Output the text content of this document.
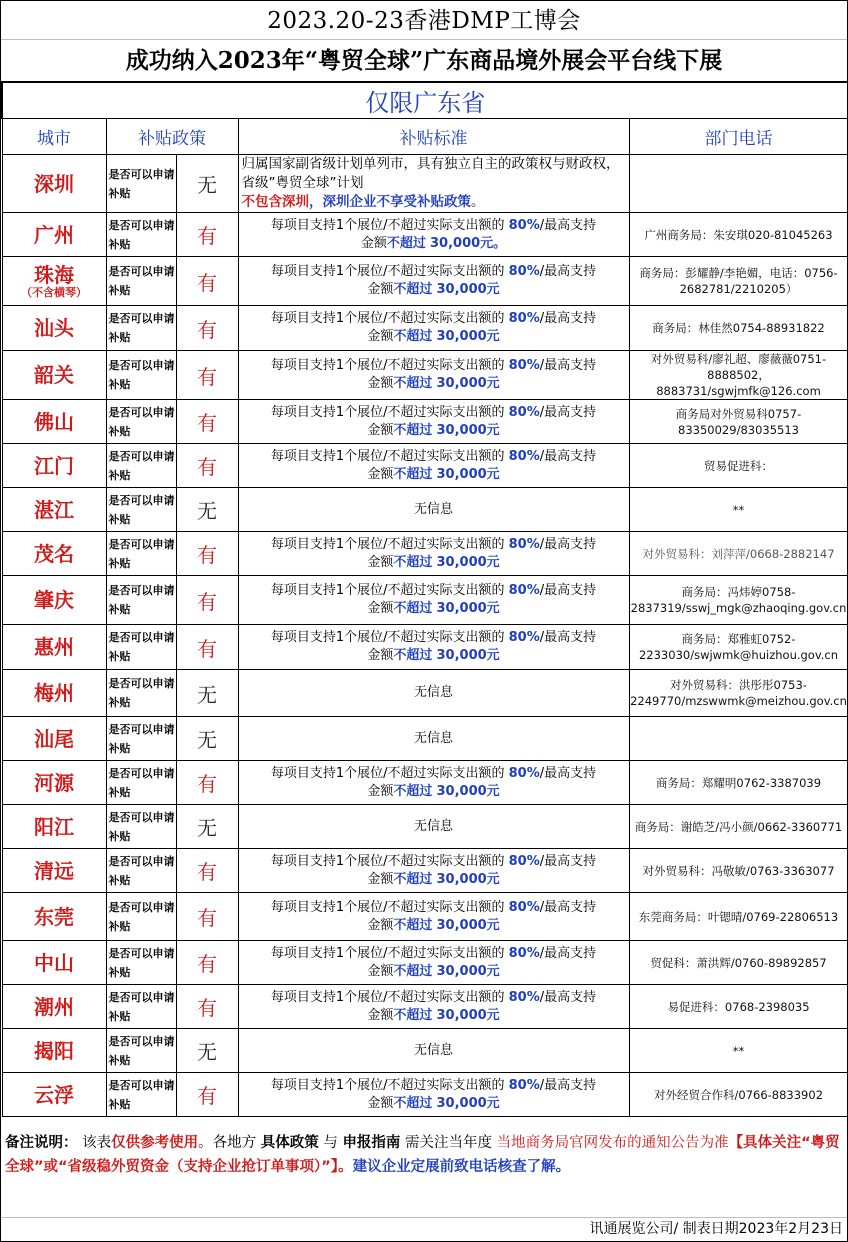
2023.20-23香港DMP工博会
成功纳入2023年“粤贸全球”广东商品境外展会平台线下展
仅限广东省				
城市	补贴政策		补贴标准	部门电话
深圳	是否可以申请补贴	无	归属国家副省级计划单列市，具有独立自主的政策权与财政权，省级”粤贸全球”计划
不包含深圳，深圳企业不享受补贴政策。	
广州	是否可以申请补贴	有	每项目支持1个展位/不超过实际支出额的 80%/最高支持
金额不超过 30,000元。	广州商务局：朱安琪020-81045263
珠海
（不含横琴）	是否可以申请补贴	有	每项目支持1个展位/不超过实际支出额的 80%/最高支持
金额不超过 30,000元	商务局：彭耀静/李艳媚，电话：0756-2682781/2210205）
汕头	是否可以申请补贴	有	每项目支持1个展位/不超过实际支出额的 80%/最高支持
金额不超过 30,000元	商务局：林佳然0754-88931822
韶关	是否可以申请补贴	有	每项目支持1个展位/不超过实际支出额的 80%/最高支持
金额不超过 30,000元	对外贸易科/廖礼超、廖薇薇0751-8888502，8883731/sgwjmfk@126.com
佛山	是否可以申请补贴	有	每项目支持1个展位/不超过实际支出额的 80%/最高支持
金额不超过 30,000元	商务局对外贸易科0757-83350029/83035513
江门	是否可以申请补贴	有	每项目支持1个展位/不超过实际支出额的 80%/最高支持
金额不超过 30,000元	贸易促进科：
湛江	是否可以申请补贴	无	无信息	**
茂名	是否可以申请补贴	有	每项目支持1个展位/不超过实际支出额的 80%/最高支持
金额不超过 30,000元	对外贸易科：刘萍萍/0668-2882147
肇庆	是否可以申请补贴	有	每项目支持1个展位/不超过实际支出额的 80%/最高支持
金额不超过 30,000元	商务局：冯炜婷0758-2837319/sswj_mgk@zhaoqing.gov.cn
惠州	是否可以申请补贴	有	每项目支持1个展位/不超过实际支出额的 80%/最高支持
金额不超过 30,000元	商务局：郑雅虹0752-2233030/swjwmk@huizhou.gov.cn
梅州	是否可以申请补贴	无	无信息	对外贸易科：洪彤彤0753-2249770/mzswwmk@meizhou.gov.cn
汕尾	是否可以申请补贴	无	无信息	
河源	是否可以申请补贴	有	每项目支持1个展位/不超过实际支出额的 80%/最高支持
金额不超过 30,000元	商务局：郑耀明0762-3387039
阳江	是否可以申请补贴	无	无信息	商务局：谢皓芝/冯小颜/0662-3360771
清远	是否可以申请补贴	有	每项目支持1个展位/不超过实际支出额的 80%/最高支持
金额不超过 30,000元	对外贸易科：冯敬敏/0763-3363077
东莞	是否可以申请补贴	有	每项目支持1个展位/不超过实际支出额的 80%/最高支持
金额不超过 30,000元	东莞商务局：叶锶晴/0769-22806513
中山	是否可以申请补贴	有	每项目支持1个展位/不超过实际支出额的 80%/最高支持
金额不超过 30,000元	贸促科：萧洪辉/0760-89892857
潮州	是否可以申请补贴	有	每项目支持1个展位/不超过实际支出额的 80%/最高支持
金额不超过 30,000元	易促进科：0768-2398035
揭阳	是否可以申请补贴	无	无信息	**
云浮	是否可以申请补贴	有	每项目支持1个展位/不超过实际支出额的 80%/最高支持
金额不超过 30,000元	对外经贸合作科/0766-8833902
备注说明： 该表仅供参考使用。各地方 具体政策 与 申报指南 需关注当年度 当地商务局官网发布的通知公告为准【具体关注“粤贸全球”或“省级稳外贸资金（支持企业抢订单事项）”】。建议企业定展前致电话核查了解。
讯通展览公司/ 制表日期2023年2月23日
